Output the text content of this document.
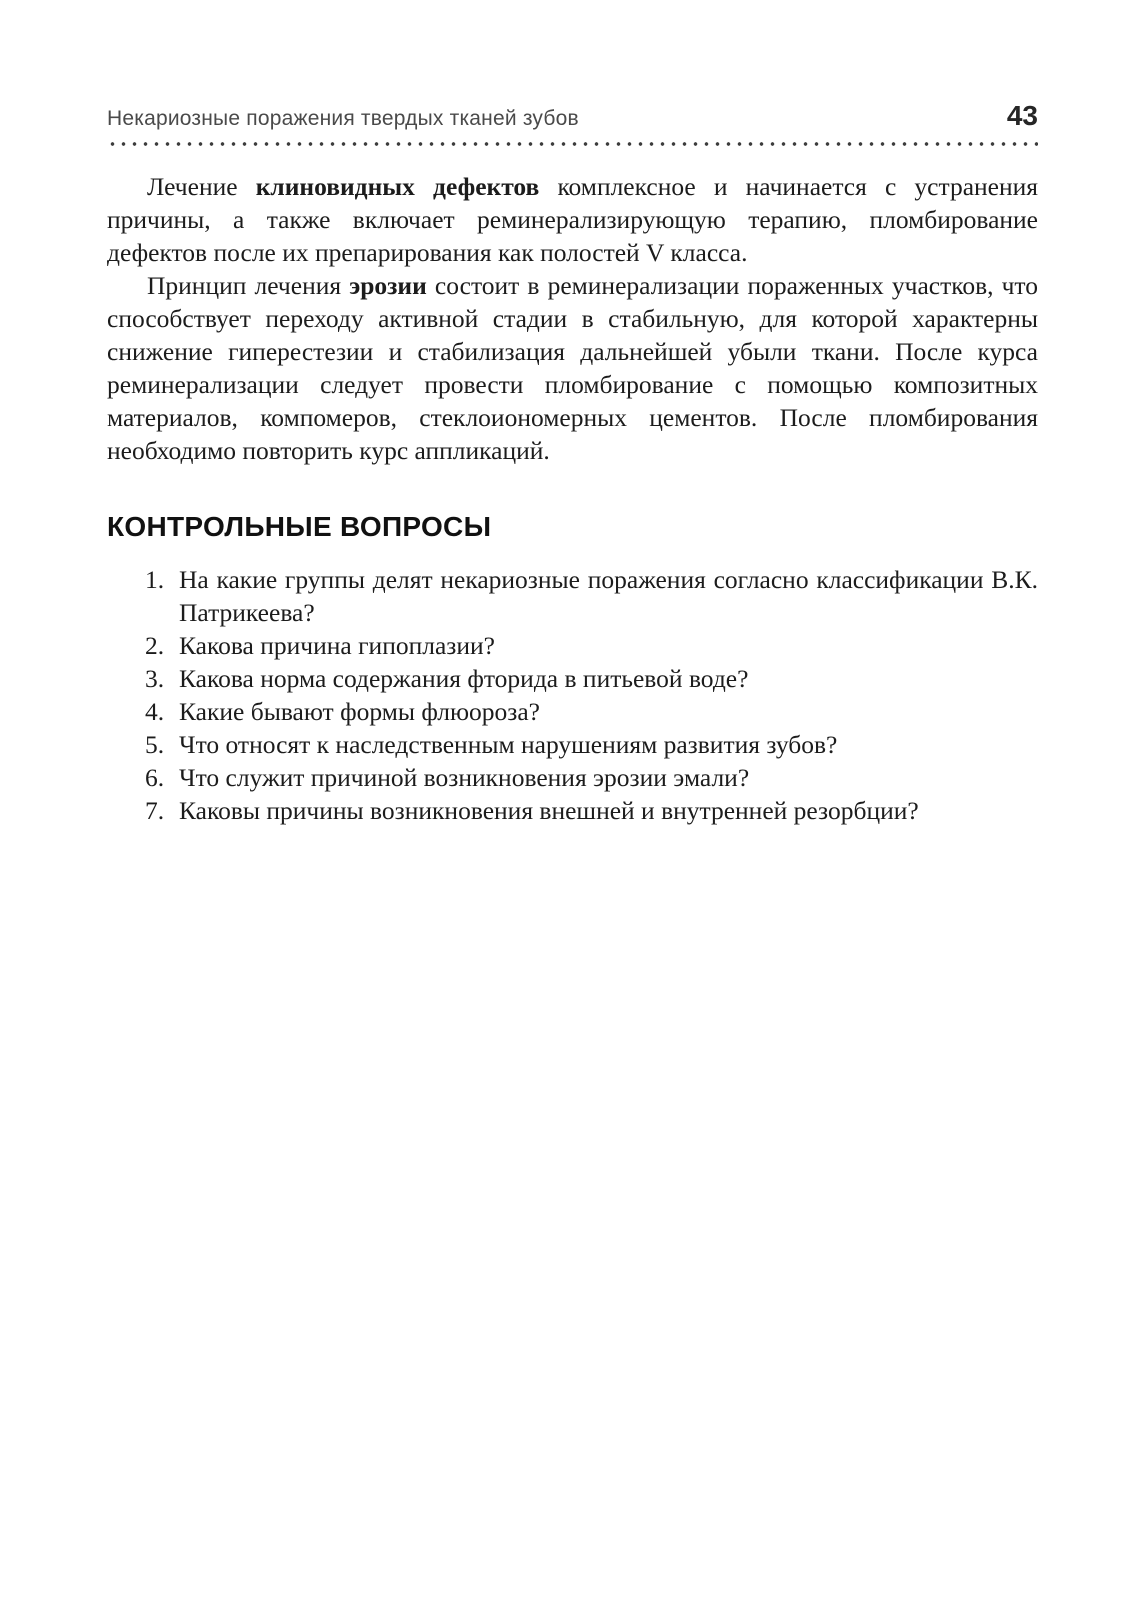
Некариозные поражения твердых тканей зубов	43

Лечение клиновидных дефектов комплексное и начинается с устранения причины, а также включает реминерализирующую терапию, пломбирование дефектов после их препарирования как полостей V класса.

Принцип лечения эрозии состоит в реминерализации пораженных участков, что способствует переходу активной стадии в стабильную, для которой характерны снижение гиперестезии и стабилизация дальнейшей убыли ткани. После курса реминерализации следует провести пломбирование с помощью композитных материалов, компомеров, стеклоиономерных цементов. После пломбирования необходимо повторить курс аппликаций.

КОНТРОЛЬНЫЕ ВОПРОСЫ
1. На какие группы делят некариозные поражения согласно классификации В.К. Патрикеева?
2. Какова причина гипоплазии?
3. Какова норма содержания фторида в питьевой воде?
4. Какие бывают формы флюороза?
5. Что относят к наследственным нарушениям развития зубов?
6. Что служит причиной возникновения эрозии эмали?
7. Каковы причины возникновения внешней и внутренней резорбции?
